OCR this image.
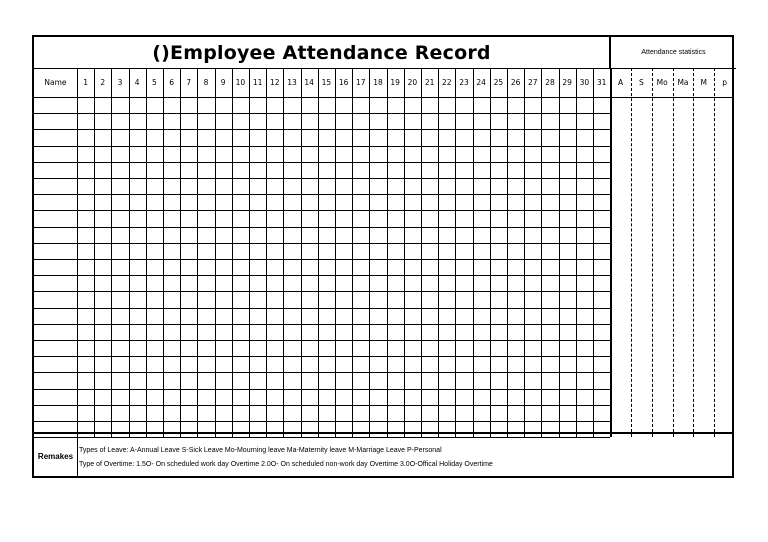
()Employee Attendance Record	Attendance statistics
Name	1	2	3	4	5	6	7	8	9	10	11	12	13	14	15	16	17	18	19	20	21	22	23	24	25	26	27	28	29	30	31	A	S	Mo	Ma	M	p
Remakes
Types of Leave: A-Annual Leave S-Sick Leave Mo-Mourning leave Ma-Maternity leave M-Marriage Leave P-Personal
Type of Overtime: 1.5O- On scheduled work day Overtime 2.0O- On scheduled non-work day Overtime 3.0O-Offical Holiday Overtime
